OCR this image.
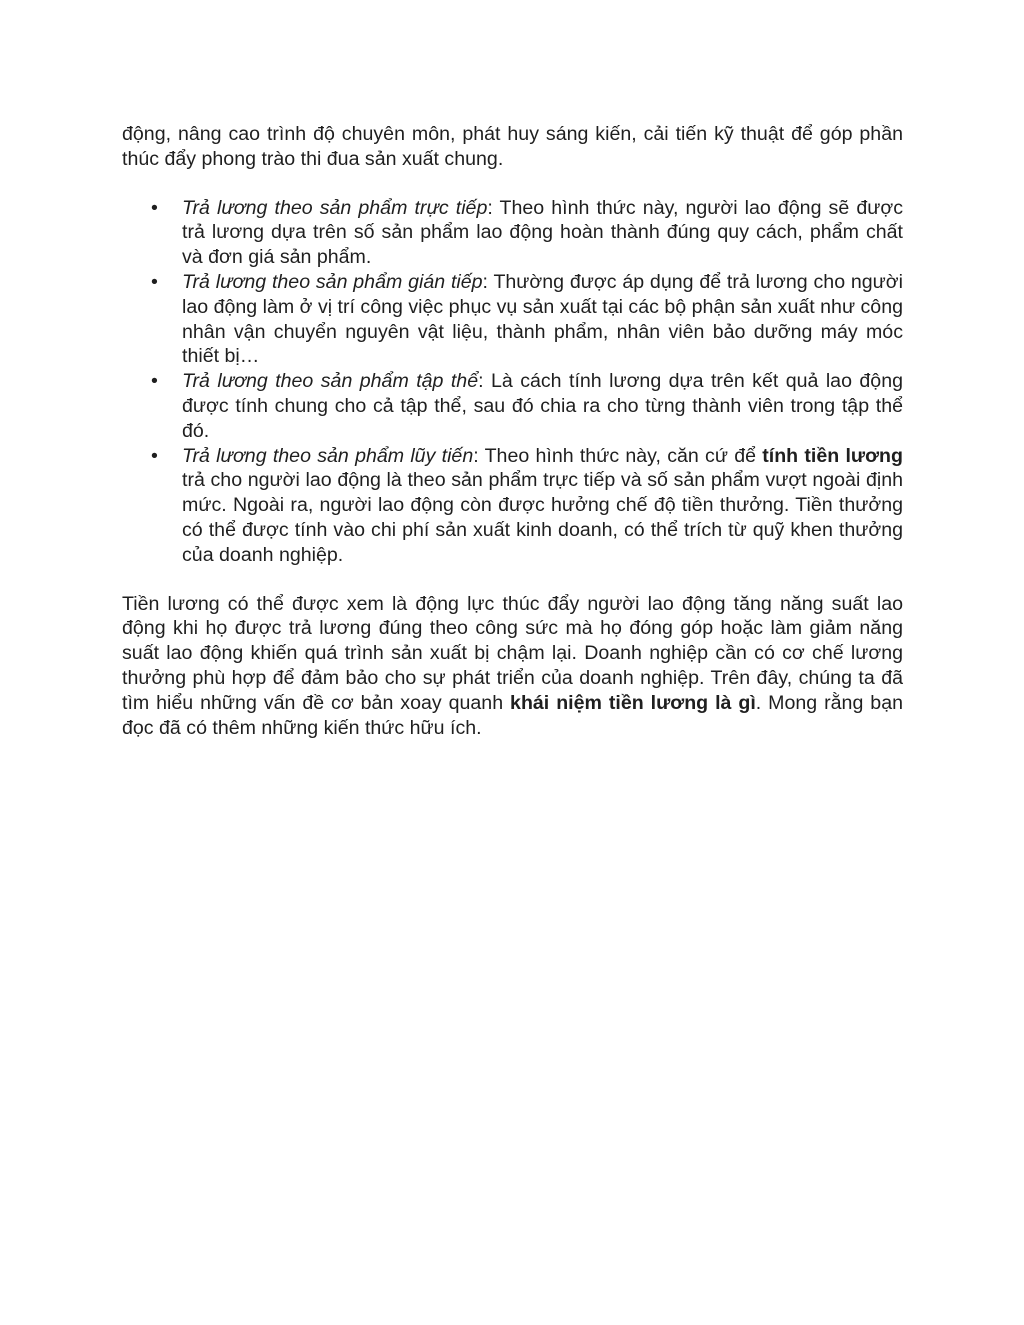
động, nâng cao trình độ chuyên môn, phát huy sáng kiến, cải tiến kỹ thuật để góp phần thúc đẩy phong trào thi đua sản xuất chung.

• Trả lương theo sản phẩm trực tiếp: Theo hình thức này, người lao động sẽ được trả lương dựa trên số sản phẩm lao động hoàn thành đúng quy cách, phẩm chất và đơn giá sản phẩm.
• Trả lương theo sản phẩm gián tiếp: Thường được áp dụng để trả lương cho người lao động làm ở vị trí công việc phục vụ sản xuất tại các bộ phận sản xuất như công nhân vận chuyển nguyên vật liệu, thành phẩm, nhân viên bảo dưỡng máy móc thiết bị…
• Trả lương theo sản phẩm tập thể: Là cách tính lương dựa trên kết quả lao động được tính chung cho cả tập thể, sau đó chia ra cho từng thành viên trong tập thể đó.
• Trả lương theo sản phẩm lũy tiến: Theo hình thức này, căn cứ để tính tiền lương trả cho người lao động là theo sản phẩm trực tiếp và số sản phẩm vượt ngoài định mức. Ngoài ra, người lao động còn được hưởng chế độ tiền thưởng. Tiền thưởng có thể được tính vào chi phí sản xuất kinh doanh, có thể trích từ quỹ khen thưởng của doanh nghiệp.

Tiền lương có thể được xem là động lực thúc đẩy người lao động tăng năng suất lao động khi họ được trả lương đúng theo công sức mà họ đóng góp hoặc làm giảm năng suất lao động khiến quá trình sản xuất bị chậm lại. Doanh nghiệp cần có cơ chế lương thưởng phù hợp để đảm bảo cho sự phát triển của doanh nghiệp. Trên đây, chúng ta đã tìm hiểu những vấn đề cơ bản xoay quanh khái niệm tiền lương là gì. Mong rằng bạn đọc đã có thêm những kiến thức hữu ích.
